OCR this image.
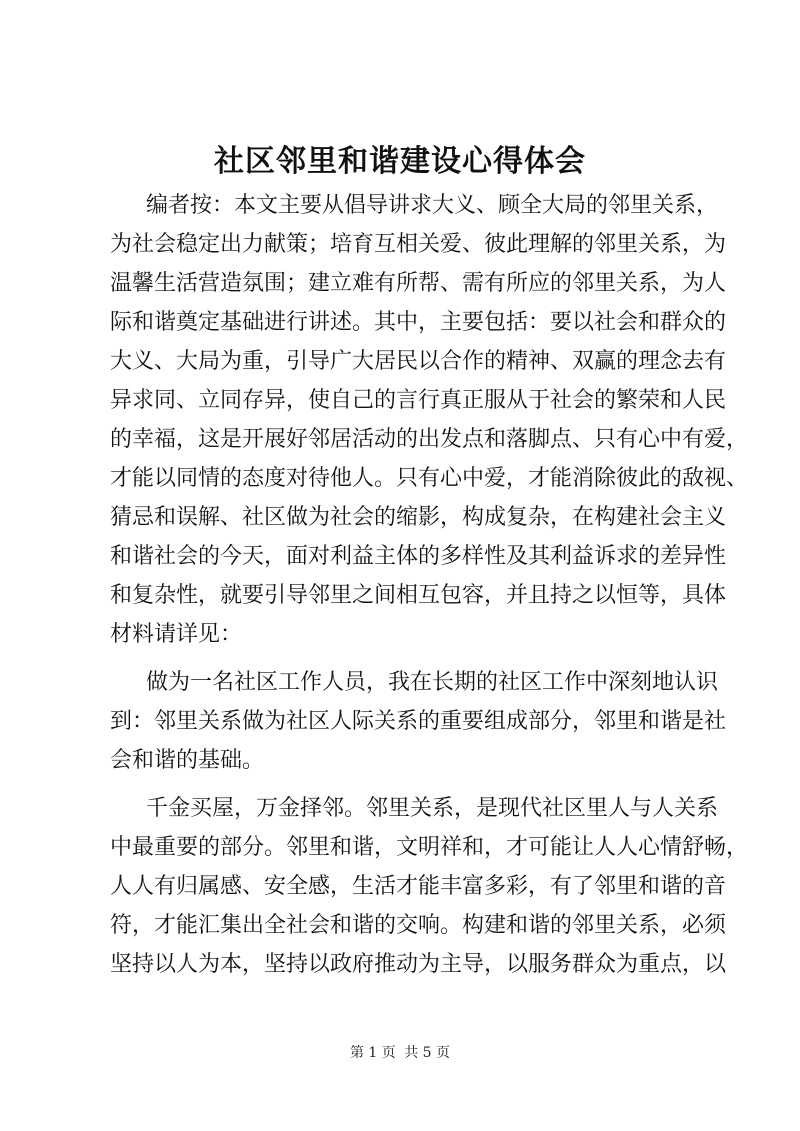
社区邻里和谐建设心得体会
编者按：本文主要从倡导讲求大义、顾全大局的邻里关系，
为社会稳定出力献策；培育互相关爱、彼此理解的邻里关系，为
温馨生活营造氛围；建立难有所帮、需有所应的邻里关系，为人
际和谐奠定基础进行讲述。其中，主要包括：要以社会和群众的
大义、大局为重，引导广大居民以合作的精神、双赢的理念去有
异求同、立同存异，使自己的言行真正服从于社会的繁荣和人民
的幸福，这是开展好邻居活动的出发点和落脚点、只有心中有爱，
才能以同情的态度对待他人。只有心中爱，才能消除彼此的敌视、
猜忌和误解、社区做为社会的缩影，构成复杂，在构建社会主义
和谐社会的今天，面对利益主体的多样性及其利益诉求的差异性
和复杂性，就要引导邻里之间相互包容，并且持之以恒等，具体
材料请详见：
做为一名社区工作人员，我在长期的社区工作中深刻地认识
到：邻里关系做为社区人际关系的重要组成部分，邻里和谐是社
会和谐的基础。
千金买屋，万金择邻。邻里关系，是现代社区里人与人关系
中最重要的部分。邻里和谐，文明祥和，才可能让人人心情舒畅，
人人有归属感、安全感，生活才能丰富多彩，有了邻里和谐的音
符，才能汇集出全社会和谐的交响。构建和谐的邻里关系，必须
坚持以人为本，坚持以政府推动为主导，以服务群众为重点，以
第 1 页 共 5 页
